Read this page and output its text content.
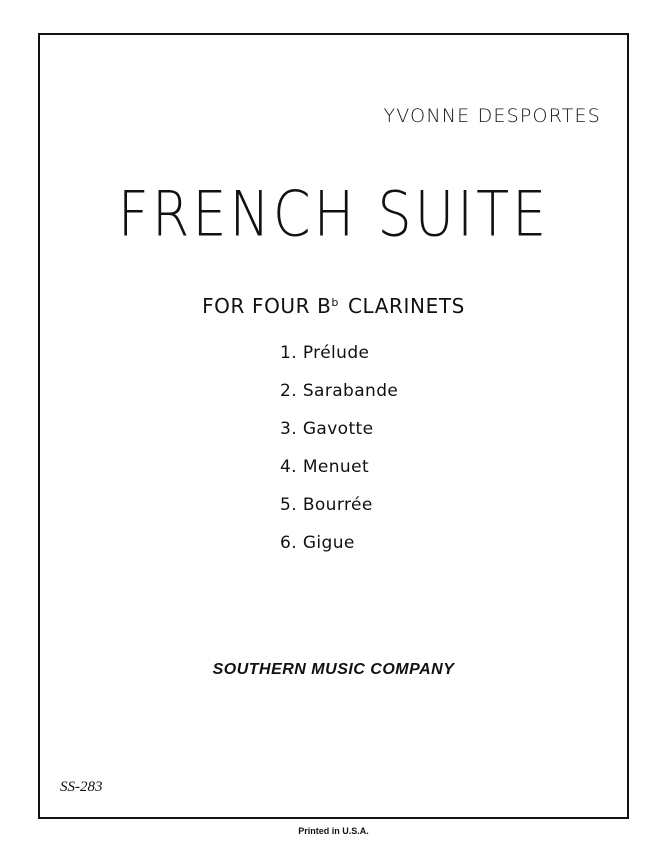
YVONNE DESPORTES
FRENCH SUITE
FOR FOUR $B^b$ CLARINETS
1. Prélude
2. Sarabande
3. Gavotte
4. Menuet
5. Bourrée
6. Gigue
SOUTHERN MUSIC COMPANY
SS-283
Printed in U.S.A.
